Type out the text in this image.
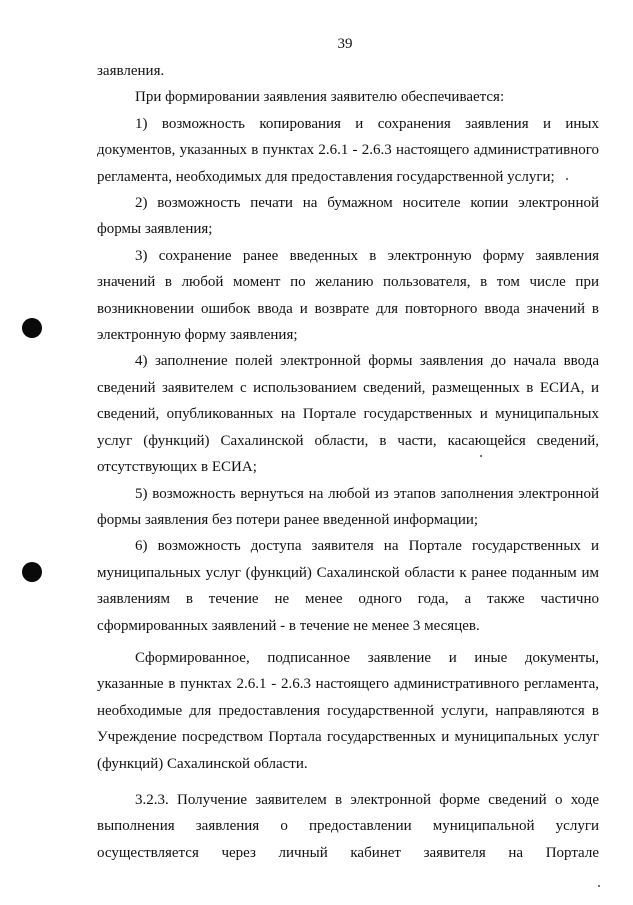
39

заявления.

При формировании заявления заявителю обеспечивается:

1) возможность копирования и сохранения заявления и иных документов, указанных в пунктах 2.6.1 - 2.6.3 настоящего административного регламента, необходимых для предоставления государственной услуги;

2) возможность печати на бумажном носителе копии электронной формы заявления;

3) сохранение ранее введенных в электронную форму заявления значений в любой момент по желанию пользователя, в том числе при возникновении ошибок ввода и возврате для повторного ввода значений в электронную форму заявления;

4) заполнение полей электронной формы заявления до начала ввода сведений заявителем с использованием сведений, размещенных в ЕСИА, и сведений, опубликованных на Портале государственных и муниципальных услуг (функций) Сахалинской области, в части, касающейся сведений, отсутствующих в ЕСИА;

5) возможность вернуться на любой из этапов заполнения электронной формы заявления без потери ранее введенной информации;

6) возможность доступа заявителя на Портале государственных и муниципальных услуг (функций) Сахалинской области к ранее поданным им заявлениям в течение не менее одного года, а также частично сформированных заявлений - в течение не менее 3 месяцев.

Сформированное, подписанное заявление и иные документы, указанные в пунктах 2.6.1 - 2.6.3 настоящего административного регламента, необходимые для предоставления государственной услуги, направляются в Учреждение посредством Портала государственных и муниципальных услуг (функций) Сахалинской области.

3.2.3. Получение заявителем в электронной форме сведений о ходе выполнения заявления о предоставлении муниципальной услуги осуществляется через личный кабинет заявителя на Портале
